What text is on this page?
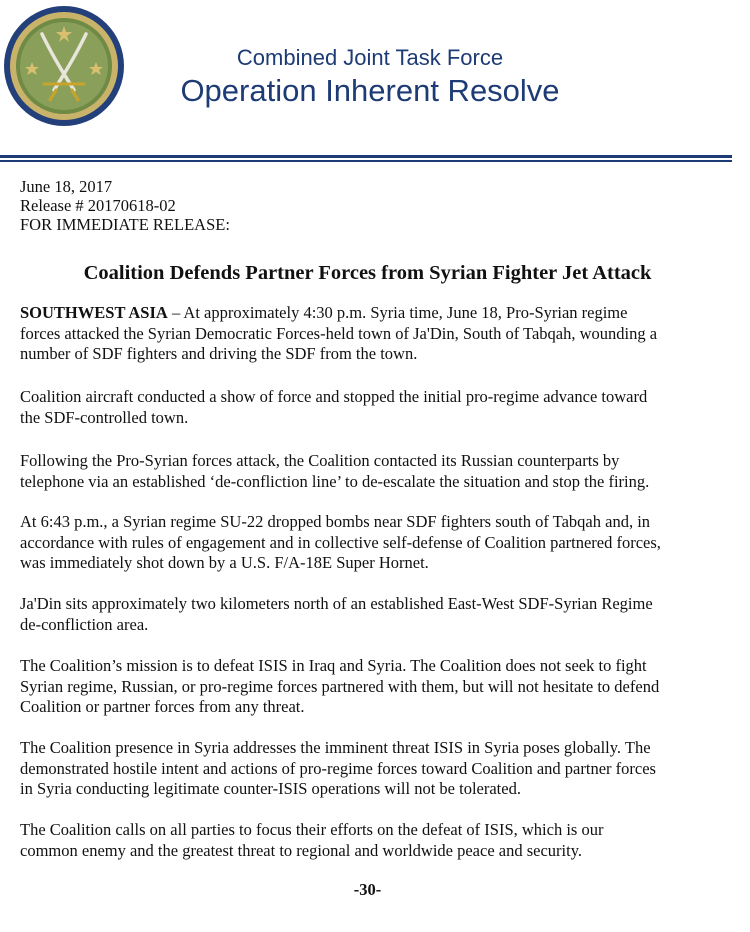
Combined Joint Task Force
Operation Inherent Resolve
June 18, 2017
Release # 20170618-02
FOR IMMEDIATE RELEASE:
Coalition Defends Partner Forces from Syrian Fighter Jet Attack

SOUTHWEST ASIA – At approximately 4:30 p.m. Syria time, June 18, Pro-Syrian regime
forces attacked the Syrian Democratic Forces-held town of Ja'Din, South of Tabqah, wounding a
number of SDF fighters and driving the SDF from the town.

Coalition aircraft conducted a show of force and stopped the initial pro-regime advance toward
the SDF-controlled town.

Following the Pro-Syrian forces attack, the Coalition contacted its Russian counterparts by
telephone via an established ‘de-confliction line’ to de-escalate the situation and stop the firing.

At 6:43 p.m., a Syrian regime SU-22 dropped bombs near SDF fighters south of Tabqah and, in
accordance with rules of engagement and in collective self-defense of Coalition partnered forces,
was immediately shot down by a U.S. F/A-18E Super Hornet.

Ja'Din sits approximately two kilometers north of an established East-West SDF-Syrian Regime
de-confliction area.

The Coalition’s mission is to defeat ISIS in Iraq and Syria. The Coalition does not seek to fight
Syrian regime, Russian, or pro-regime forces partnered with them, but will not hesitate to defend
Coalition or partner forces from any threat.

The Coalition presence in Syria addresses the imminent threat ISIS in Syria poses globally. The
demonstrated hostile intent and actions of pro-regime forces toward Coalition and partner forces
in Syria conducting legitimate counter-ISIS operations will not be tolerated.

The Coalition calls on all parties to focus their efforts on the defeat of ISIS, which is our
common enemy and the greatest threat to regional and worldwide peace and security.

-30-
